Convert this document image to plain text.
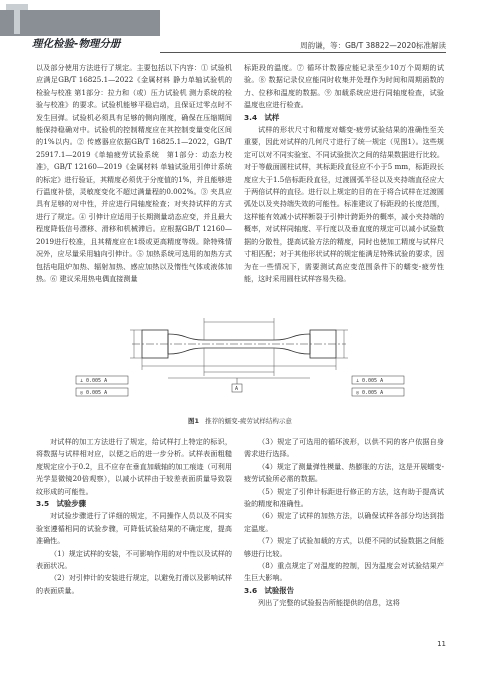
理化检验-物理分册	周韵谦，等：GB/T 38822—2020标准解读

以及部分使用方法进行了规定。主要包括以下内容：① 试验机应满足GB/T 16825.1—2022《金属材料 静力单轴试验机的检验与校准 第1部分：拉力和（或）压力试验机 测力系统的检验与校准》的要求。试验机能够平稳启动，且保证过零点时不发生回弹。试验机必须具有足够的侧向刚度，确保在压缩期间能保持稳确对中。试验机的控制精度应在其控制变量变化区间的1%以内。② 传感器应依据GB/T 16825.1—2022，GB/T 25917.1—2019《单轴疲劳试验系统　第1部分：动态力校准》，GB/T 12160—2019《金属材料 单轴试验用引伸计系统的标定》进行验证，其精度必须优于分度值的1%，并且能够进行温度补偿，灵敏度变化不超过满量程的0.002%。③ 夹具应具有足够的对中性，并应进行同轴度检查；对夹持试样的方式进行了规定。④ 引伸计应适用于长期测量动态应变，并且最大程度降低信号漂移、滑移和机械滞后。应根据GB/T 12160—2019进行校准，且其精度应在1级或更高精度等级。除特殊情况外，应尽量采用轴向引伸计。⑤ 加热系统可选用的加热方式包括电阻炉加热、辐射加热、感应加热以及惰性气体或液体加热。⑥ 建议采用热电偶直接测量

标距段的温度。⑦ 循环计数器应能记录至少10万个周期的试验。⑧ 数据记录仪应能同时收集并处理作为时间和周期函数的力、位移和温度的数据。⑨ 加载系统应进行同轴度检查，试验温度也应进行检查。

3.4　试样

试样的形状尺寸和精度对蠕变-疲劳试验结果的准确性至关重要，因此对试样的几何尺寸进行了统一规定（见图1）。这些规定可以对不同实验室、不同试验批次之间的结果数据进行比较。对于等截面圆柱试样，其标距段直径应不小于5 mm，标距段长度应大于1.5倍标距段直径，过渡圆弧半径以及夹持端直径应大于两倍试样的直径。进行以上规定的目的在于将合试样在过渡圆弧处以及夹持端失效的可能性。标准建议了标距段的长度范围，这样能有效减小试样断裂于引伸计跨距外的概率，减小夹持端的概率，对试样同轴度、平行度以及垂直度的规定可以减小试验数据的分散性，提高试验方法的精度，同时也使加工精度与试样尺寸相匹配；对于其他形状试样的规定能满足特殊试验的要求，因为在一些情况下，需要测试高应变范围条件下的蠕变-疲劳性能，这时采用圆柱试样容易失稳。

⊥ 0.005 A
◎ 0.005 A
⊥ 0.005 A
◎ 0.005 A
A
图1 推荐的蠕变-疲劳试样结构示意

对试样的加工方法进行了规定，给试样打上特定的标识，将数据与试样相对应，以便之后的进一步分析。试样表面粗糙度规定应小于0.2，且不应存在垂直加载轴的加工痕迹（可利用光学显微镜20倍观察），以减小试样由于较差表面质量导致裂纹形成的可能性。

3.5　试验步骤

对试验步骤进行了详细的规定，不同操作人员以及不同实验室遵循相同的试验步骤，可降低试验结果的不确定度，提高准确性。

（1）规定试样的安装，不可影响作用的对中性以及试样的表面状况。

（2）对引伸计的安装进行规定，以避免打滑以及影响试样的表面质量。

（3）规定了可选用的循环波形，以供不同的客户依据自身需求进行选择。

（4）规定了测量弹性模量、热膨胀的方法，这是开展蠕变-疲劳试验所必需的数据。

（5）规定了引伸计标距进行修正的方法，这有助于提高试验的精度和准确性。

（6）规定了试样的加热方法，以确保试样各部分均达到指定温度。

（7）规定了试验加载的方式，以便不同的试验数据之间能够进行比较。

（8）重点规定了对温度的控制，因为温度会对试验结果产生巨大影响。

3.6　试验报告

列出了完整的试验报告所能提供的信息，这将

11
